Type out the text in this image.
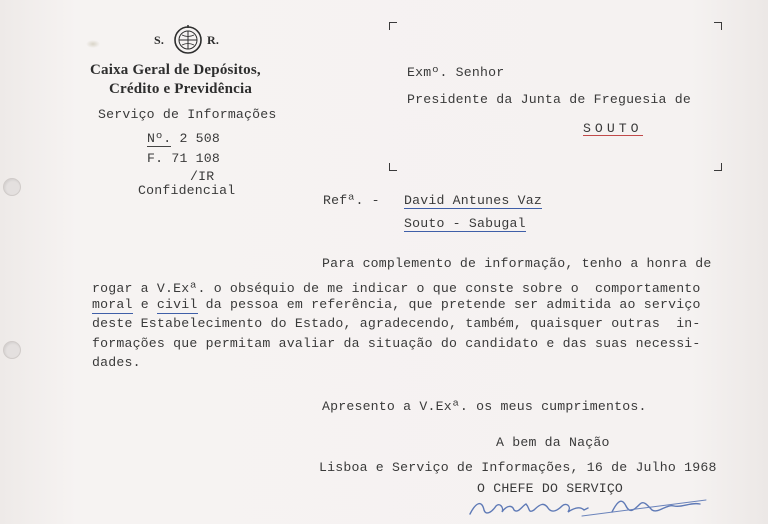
S.	R.
Caixa Geral de Depósitos,
Crédito e Previdência
Serviço de Informações
Nº. 2 508
F. 71 108
/IR
Confidencial
Exmº. Senhor
Presidente da Junta de Freguesia de
SOUTO
Refª. - David Antunes Vaz
Souto - Sabugal
Para complemento de informação, tenho a honra de
rogar a V.Exª. o obséquio de me indicar o que conste sobre o  comportamento
moral e civil da pessoa em referência, que pretende ser admitida ao serviço
deste Estabelecimento do Estado, agradecendo, também, quaisquer outras  in-
formações que permitam avaliar da situação do candidato e das suas necessi-
dades.
Apresento a V.Exª. os meus cumprimentos.
A bem da Nação
Lisboa e Serviço de Informações, 16 de Julho 1968
O CHEFE DO SERVIÇO
